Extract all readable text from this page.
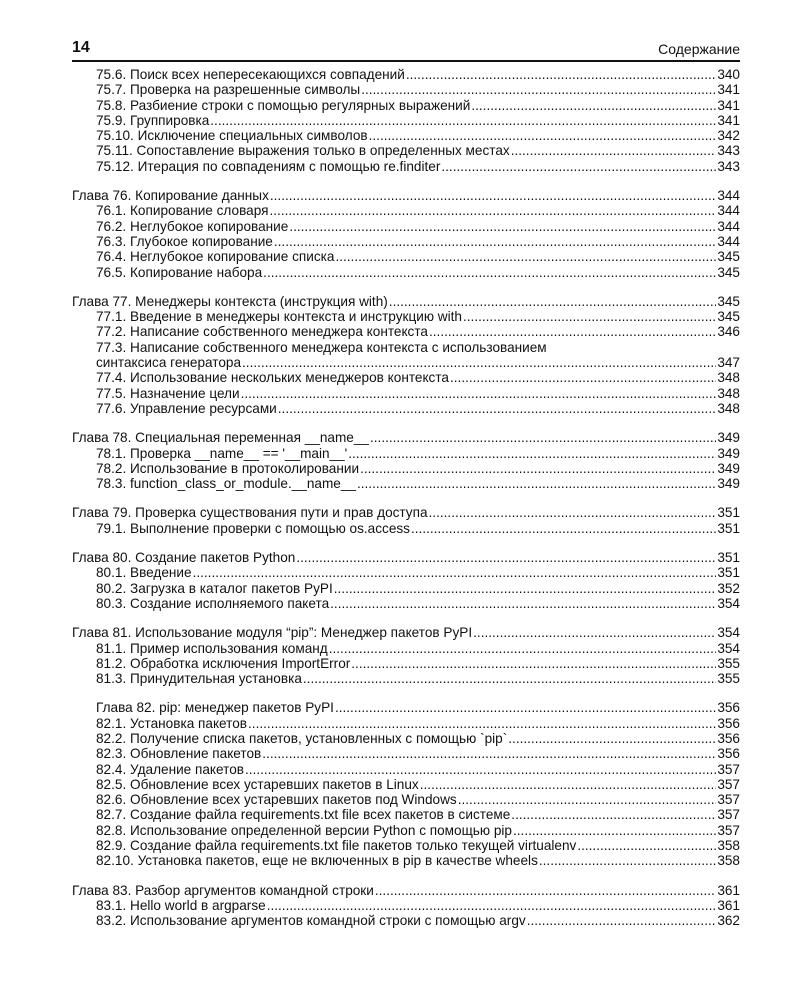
14	Содержание
75.6. Поиск всех непересекающихся совпадений .....	340
75.7. Проверка на разрешенные символы .....	341
75.8. Разбиение строки с помощью регулярных выражений .....	341
75.9. Группировка .....	341
75.10. Исключение специальных символов .....	342
75.11. Сопоставление выражения только в определенных местах .....	343
75.12. Итерация по совпадениям с помощью re.finditer .....	343
Глава 76. Копирование данных .....	344
76.1. Копирование словаря .....	344
76.2. Неглубокое копирование .....	344
76.3. Глубокое копирование .....	344
76.4. Неглубокое копирование списка .....	345
76.5. Копирование набора .....	345
Глава 77. Менеджеры контекста (инструкция with) .....	345
77.1. Введение в менеджеры контекста и инструкцию with .....	345
77.2. Написание собственного менеджера контекста .....	346
77.3. Написание собственного менеджера контекста с использованием
синтаксиса генератора .....	347
77.4. Использование нескольких менеджеров контекста .....	348
77.5. Назначение цели .....	348
77.6. Управление ресурсами .....	348
Глава 78. Специальная переменная __name__ .....	349
78.1. Проверка __name__ == '__main__' .....	349
78.2. Использование в протоколировании .....	349
78.3. function_class_or_module.__name__ .....	349
Глава 79. Проверка существования пути и прав доступа .....	351
79.1. Выполнение проверки с помощью os.access .....	351
Глава 80. Создание пакетов Python .....	351
80.1. Введение .....	351
80.2. Загрузка в каталог пакетов PyPI .....	352
80.3. Создание исполняемого пакета .....	354
Глава 81. Использование модуля “pip”: Менеджер пакетов PyPI .....	354
81.1. Пример использования команд .....	354
81.2. Обработка исключения ImportError .....	355
81.3. Принудительная установка .....	355
Глава 82. pip: менеджер пакетов PyPI .....	356
82.1. Установка пакетов .....	356
82.2. Получение списка пакетов, установленных с помощью `pip` .....	356
82.3. Обновление пакетов .....	356
82.4. Удаление пакетов .....	357
82.5. Обновление всех устаревших пакетов в Linux .....	357
82.6. Обновление всех устаревших пакетов под Windows .....	357
82.7. Создание файла requirements.txt file всех пакетов в системе .....	357
82.8. Использование определенной версии Python с помощью pip .....	357
82.9. Создание файла requirements.txt file пакетов только текущей virtualenv .....	358
82.10. Установка пакетов, еще не включенных в pip в качестве wheels .....	358
Глава 83. Разбор аргументов командной строки .....	361
83.1. Hello world в argparse .....	361
83.2. Использование аргументов командной строки с помощью argv .....	362
